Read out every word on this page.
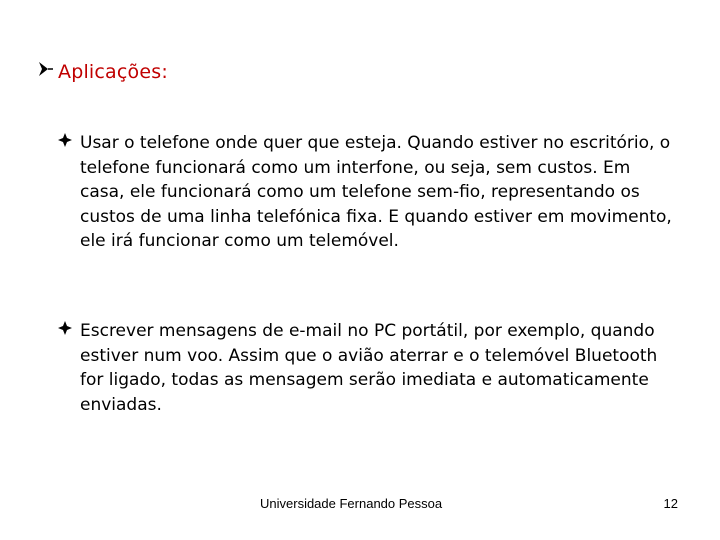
Aplicações:
Usar o telefone onde quer que esteja. Quando estiver no escritório, o telefone funcionará como um interfone, ou seja, sem custos. Em casa, ele funcionará como um telefone sem-fio, representando os custos de uma linha telefónica fixa. E quando estiver em movimento, ele irá funcionar como um telemóvel.
Escrever mensagens de e-mail no PC portátil, por exemplo, quando estiver num voo. Assim que o avião aterrar e o telemóvel Bluetooth for ligado, todas as mensagem serão imediata e automaticamente enviadas.
Universidade Fernando Pessoa	12
